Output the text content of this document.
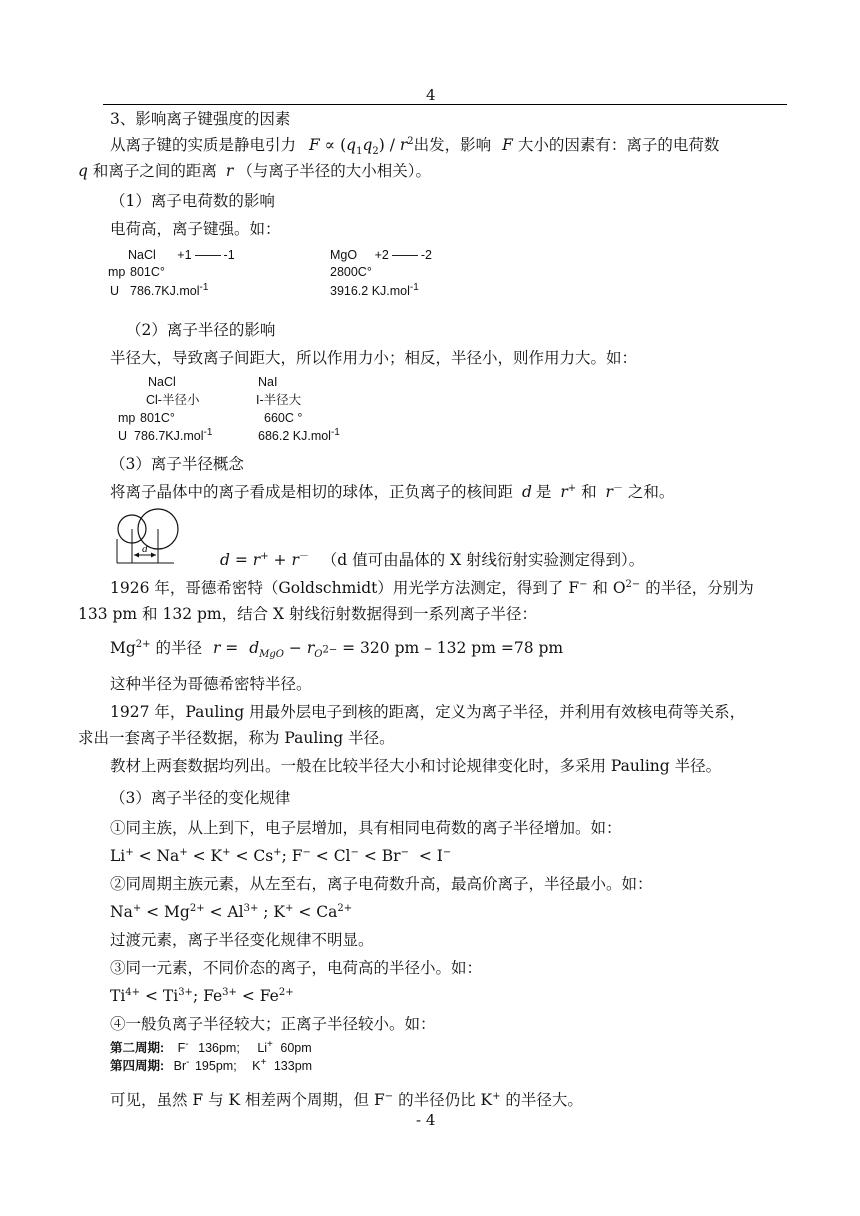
4
3、影响离子键强度的因素
从离子键的实质是静电引力 $F \propto (q_1q_2) / r^2$出发，影响 F 大小的因素有：离子的电荷数
q 和离子之间的距离 r （与离子半径的大小相关）。
（1）离子电荷数的影响
电荷高，离子键强。如：
NaCl +1	-1	MgO +2	-2
mp 801C°	2800C°
U 786.7KJ.mol$^{-1}$	3916.2 KJ.mol$^{-1}$
（2）离子半径的影响
半径大，导致离子间距大，所以作用力小；相反，半径小，则作用力大。如：
NaCl	NaI
Cl-半径小	I-半径大
mp 801C°	660C °
U 786.7KJ.mol$^{-1}$	686.2 KJ.mol$^{-1}$
（3）离子半径概念
将离子晶体中的离子看成是相切的球体，正负离子的核间距 d 是 r+ 和 r－ 之和。
d
d = r+ + r－ （d 值可由晶体的 X 射线衍射实验测定得到）。
1926 年，哥德希密特（Goldschmidt）用光学方法测定，得到了 F− 和 $O^{2-}$ 的半径，分别为
133 pm 和 132 pm，结合 X 射线衍射数据得到一系列离子半径：
$Mg^{2+}$ 的半径 $r = d_{MgO} - r_{O^{2-}} = 320$ pm – 132 pm =78 pm
这种半径为哥德希密特半径。
1927 年，Pauling 用最外层电子到核的距离，定义为离子半径，并利用有效核电荷等关系，
求出一套离子半径数据，称为 Pauling 半径。
教材上两套数据均列出。一般在比较半径大小和讨论规律变化时，多采用 Pauling 半径。
（3）离子半径的变化规律
①同主族，从上到下，电子层增加，具有相同电荷数的离子半径增加。如：
Li+ < Na+ < K+ < Cs+; F− < Cl− < Br−  < I−
②同周期主族元素，从左至右，离子电荷数升高，最高价离子，半径最小。如：
$Na^+ < Mg^{2+} < Al^{3+}$ ; $K^+ < Ca^{2+}$
过渡元素，离子半径变化规律不明显。
③同一元素，不同价态的离子，电荷高的半径小。如：
$Ti^{4+} < Ti^{3+}$; $Fe^{3+} < Fe^{2+}$
④一般负离子半径较大；正离子半径较小。如：
第二周期: F- 136pm; Li+ 60pm
第四周期: Br- 195pm; K+ 133pm
可见，虽然 F 与 K 相差两个周期，但 F− 的半径仍比 K+ 的半径大。
- 4
